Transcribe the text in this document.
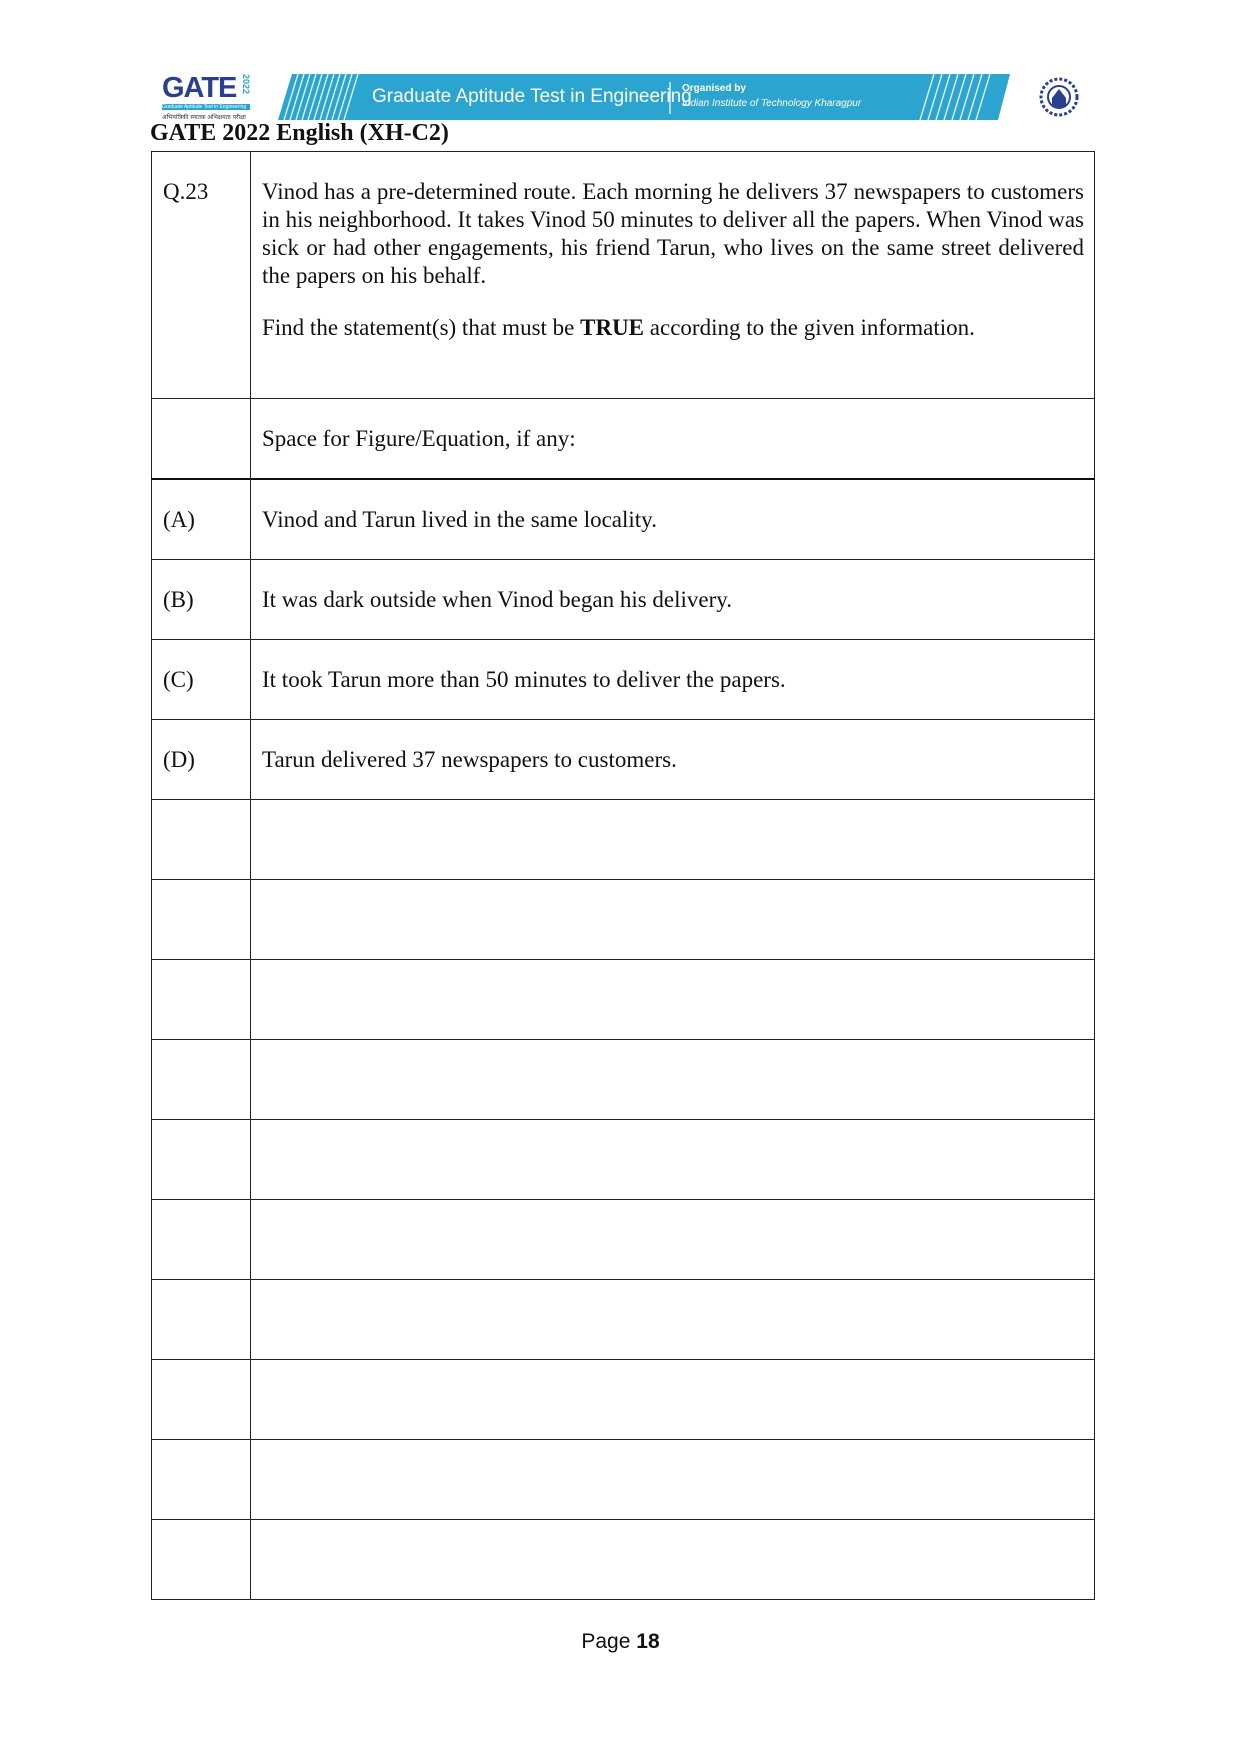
GATE 2022
Graduate Aptitude Test in Engineering
अभियांत्रिकी स्नातक अभिक्षमता परीक्षा
Graduate Aptitude Test in Engineering
Organised by
Indian Institute of Technology Kharagpur
GATE 2022 English (XH-C2)
Q.23	Vinod has a pre-determined route. Each morning he delivers 37 newspapers to customers in his neighborhood. It takes Vinod 50 minutes to deliver all the papers. When Vinod was sick or had other engagements, his friend Tarun, who lives on the same street delivered the papers on his behalf.

Find the statement(s) that must be TRUE according to the given information.

	Space for Figure/Equation, if any:
(A)	Vinod and Tarun lived in the same locality.
(B)	It was dark outside when Vinod began his delivery.
(C)	It took Tarun more than 50 minutes to deliver the papers.
(D)	Tarun delivered 37 newspapers to customers.

Page 18
